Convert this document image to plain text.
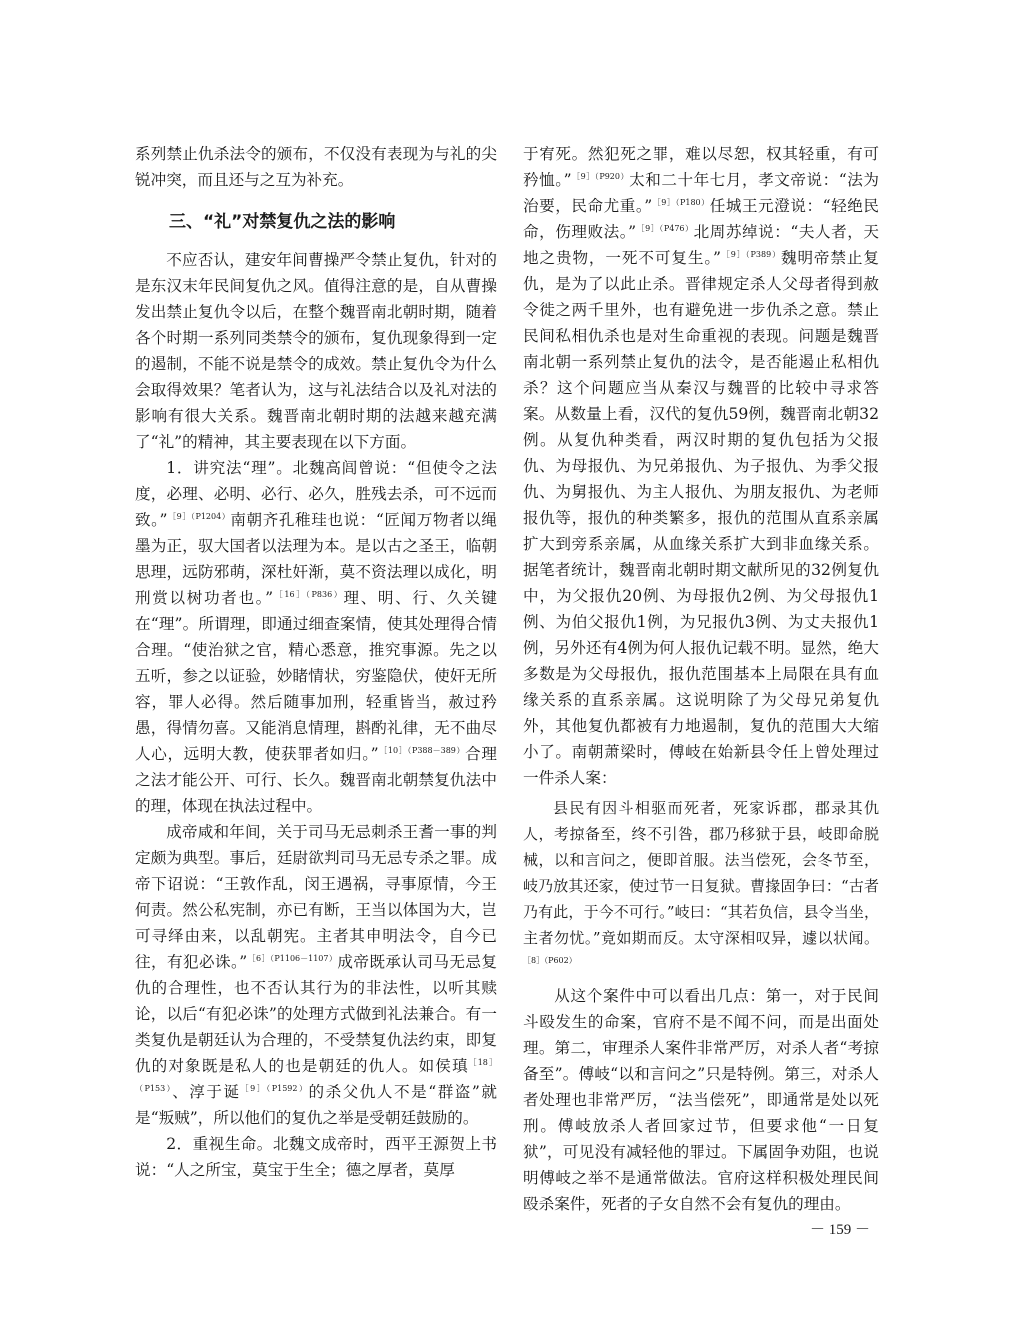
系列禁止仇杀法令的颁布，不仅没有表现为与礼的尖锐冲突，而且还与之互为补充。

三、“礼”对禁复仇之法的影响

不应否认，建安年间曹操严令禁止复仇，针对的是东汉末年民间复仇之风。值得注意的是，自从曹操发出禁止复仇令以后，在整个魏晋南北朝时期，随着各个时期一系列同类禁令的颁布，复仇现象得到一定的遏制，不能不说是禁令的成效。禁止复仇令为什么会取得效果？笔者认为，这与礼法结合以及礼对法的影响有很大关系。魏晋南北朝时期的法越来越充满了“礼”的精神，其主要表现在以下方面。

1．讲究法“理”。北魏高闾曾说：“但使令之法度，必理、必明、必行、必久，胜残去杀，可不远而致。”$^{[9](P1204)}$南朝齐孔稚珪也说：“匠闻万物者以绳墨为正，驭大国者以法理为本。是以古之圣王，临朝思理，远防邪萌，深杜奸渐，莫不资法理以成化，明刑赏以树功者也。”$^{[16](P836)}$理、明、行、久关键在“理”。所谓理，即通过细查案情，使其处理得合情合理。“使治狱之官，精心悉意，推究事源。先之以五听，参之以证验，妙睹情状，穷鉴隐伏，使奸无所容，罪人必得。然后随事加刑，轻重皆当，赦过矜愚，得情勿喜。又能消息情理，斟酌礼律，无不曲尽人心，远明大教，使获罪者如归。”$^{[10](P388-389)}$合理之法才能公开、可行、长久。魏晋南北朝禁复仇法中的理，体现在执法过程中。

成帝咸和年间，关于司马无忌刺杀王耆一事的判定颇为典型。事后，廷尉欲判司马无忌专杀之罪。成帝下诏说：“王敦作乱，闵王遇祸，寻事原情，今王何责。然公私宪制，亦已有断，王当以体国为大，岂可寻绎由来，以乱朝宪。主者其申明法令，自今已往，有犯必诛。”$^{[6](P1106-1107)}$成帝既承认司马无忌复仇的合理性，也不否认其行为的非法性，以听其赎论，以后“有犯必诛”的处理方式做到礼法兼合。有一类复仇是朝廷认为合理的，不受禁复仇法约束，即复仇的对象既是私人的也是朝廷的仇人。如侯瑱$^{[18](P153)}$、淳于诞$^{[9](P1592)}$的杀父仇人不是“群盗”就是“叛贼”，所以他们的复仇之举是受朝廷鼓励的。

2．重视生命。北魏文成帝时，西平王源贺上书说：“人之所宝，莫宝于生全；德之厚者，莫厚

于宥死。然犯死之罪，难以尽恕，权其轻重，有可矜恤。”$^{[9](P920)}$太和二十年七月，孝文帝说：“法为治要，民命尤重。”$^{[9](P180)}$任城王元澄说：“轻绝民命，伤理败法。”$^{[9](P476)}$北周苏绰说：“夫人者，天地之贵物，一死不可复生。”$^{[9](P389)}$魏明帝禁止复仇，是为了以此止杀。晋律规定杀人父母者得到赦令徙之两千里外，也有避免进一步仇杀之意。禁止民间私相仇杀也是对生命重视的表现。问题是魏晋南北朝一系列禁止复仇的法令，是否能遏止私相仇杀？这个问题应当从秦汉与魏晋的比较中寻求答案。从数量上看，汉代的复仇59例，魏晋南北朝32例。从复仇种类看，两汉时期的复仇包括为父报仇、为母报仇、为兄弟报仇、为子报仇、为季父报仇、为舅报仇、为主人报仇、为朋友报仇、为老师报仇等，报仇的种类繁多，报仇的范围从直系亲属扩大到旁系亲属，从血缘关系扩大到非血缘关系。据笔者统计，魏晋南北朝时期文献所见的32例复仇中，为父报仇20例、为母报仇2例、为父母报仇1例、为伯父报仇1例，为兄报仇3例、为丈夫报仇1例，另外还有4例为何人报仇记载不明。显然，绝大多数是为父母报仇，报仇范围基本上局限在具有血缘关系的直系亲属。这说明除了为父母兄弟复仇外，其他复仇都被有力地遏制，复仇的范围大大缩小了。南朝萧梁时，傅岐在始新县令任上曾处理过一件杀人案：

县民有因斗相驱而死者，死家诉郡，郡录其仇人，考掠备至，终不引咎，郡乃移狱于县，岐即命脱械，以和言问之，便即首服。法当偿死，会冬节至，岐乃放其还家，使过节一日复狱。曹掾固争曰：“古者乃有此，于今不可行。”岐曰：“其若负信，县令当坐，主者勿忧。”竟如期而反。太守深相叹异，遽以状闻。$^{[8](P602)}$

从这个案件中可以看出几点：第一，对于民间斗殴发生的命案，官府不是不闻不问，而是出面处理。第二，审理杀人案件非常严厉，对杀人者“考掠备至”。傅岐“以和言问之”只是特例。第三，对杀人者处理也非常严厉，“法当偿死”，即通常是处以死刑。傅岐放杀人者回家过节，但要求他“一日复狱”，可见没有减轻他的罪过。下属固争劝阻，也说明傅岐之举不是通常做法。官府这样积极处理民间殴杀案件，死者的子女自然不会有复仇的理由。

－ 159 －
